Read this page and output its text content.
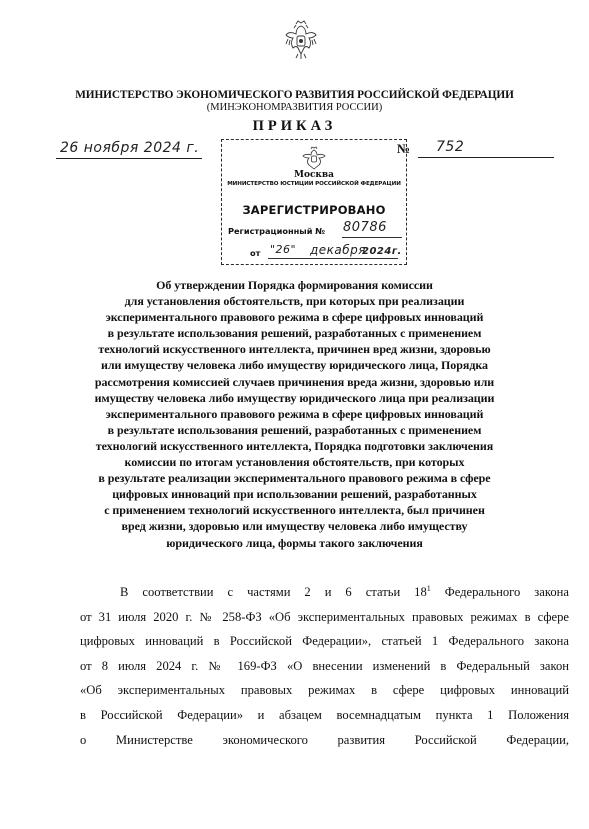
МИНИСТЕРСТВО ЭКОНОМИЧЕСКОГО РАЗВИТИЯ РОССИЙСКОЙ ФЕДЕРАЦИИ
(МИНЭКОНОМРАЗВИТИЯ РОССИИ)
ПРИКАЗ
26 ноября 2024 г.	№ 752
Москва
МИНИСТЕРСТВО ЮСТИЦИИ РОССИЙСКОЙ ФЕДЕРАЦИИ
ЗАРЕГИСТРИРОВАНО
Регистрационный № 80786
от "26" декабря
2024г.
Об утверждении Порядка формирования комиссии
для установления обстоятельств, при которых при реализации
экспериментального правового режима в сфере цифровых инноваций
в результате использования решений, разработанных с применением
технологий искусственного интеллекта, причинен вред жизни, здоровью
или имуществу человека либо имуществу юридического лица, Порядка
рассмотрения комиссией случаев причинения вреда жизни, здоровью или
имуществу человека либо имуществу юридического лица при реализации
экспериментального правового режима в сфере цифровых инноваций
в результате использования решений, разработанных с применением
технологий искусственного интеллекта, Порядка подготовки заключения
комиссии по итогам установления обстоятельств, при которых
в результате реализации экспериментального правового режима в сфере
цифровых инноваций при использовании решений, разработанных
с применением технологий искусственного интеллекта, был причинен
вред жизни, здоровью или имуществу человека либо имуществу
юридического лица, формы такого заключения
В соответствии с частями 2 и 6 статьи $18^1$ Федерального закона
от 31 июля 2020 г. № 258-ФЗ «Об экспериментальных правовых режимах в сфере
цифровых инноваций в Российской Федерации», статьей 1 Федерального закона
от 8 июля 2024 г. № 169-ФЗ «О внесении изменений в Федеральный закон
«Об экспериментальных правовых режимах в сфере цифровых инноваций
в Российской Федерации» и абзацем восемнадцатым пункта 1 Положения
о Министерстве экономического развития Российской Федерации,
